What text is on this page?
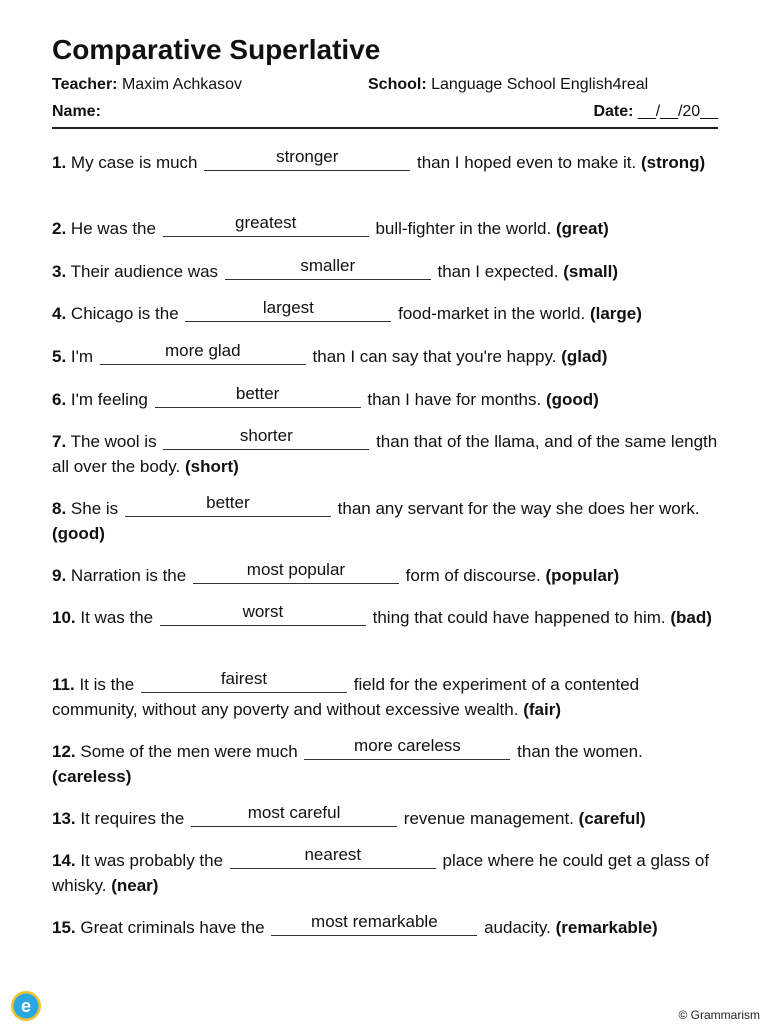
Comparative Superlative
Teacher: Maxim Achkasov	School: Language School English4real
Name:	Date: __/__/20__
1. My case is much	stronger	than I hoped even to make it. (strong)
2. He was the	greatest	bull-fighter in the world. (great)
3. Their audience was	smaller	than I expected. (small)
4. Chicago is the	largest	food-market in the world. (large)
5. I'm	more glad	than I can say that you're happy. (glad)
6. I'm feeling	better	than I have for months. (good)
7. The wool is	shorter	than that of the llama, and of the same length all over the body. (short)
8. She is	better	than any servant for the way she does her work. (good)
9. Narration is the	most popular	form of discourse. (popular)
10. It was the	worst	thing that could have happened to him. (bad)
11. It is the	fairest	field for the experiment of a contented community, without any poverty and without excessive wealth. (fair)
12. Some of the men were much	more careless	than the women. (careless)
13. It requires the	most careful	revenue management. (careful)
14. It was probably the	nearest	place where he could get a glass of whisky. (near)
15. Great criminals have the	most remarkable	audacity. (remarkable)
e	© Grammarism
